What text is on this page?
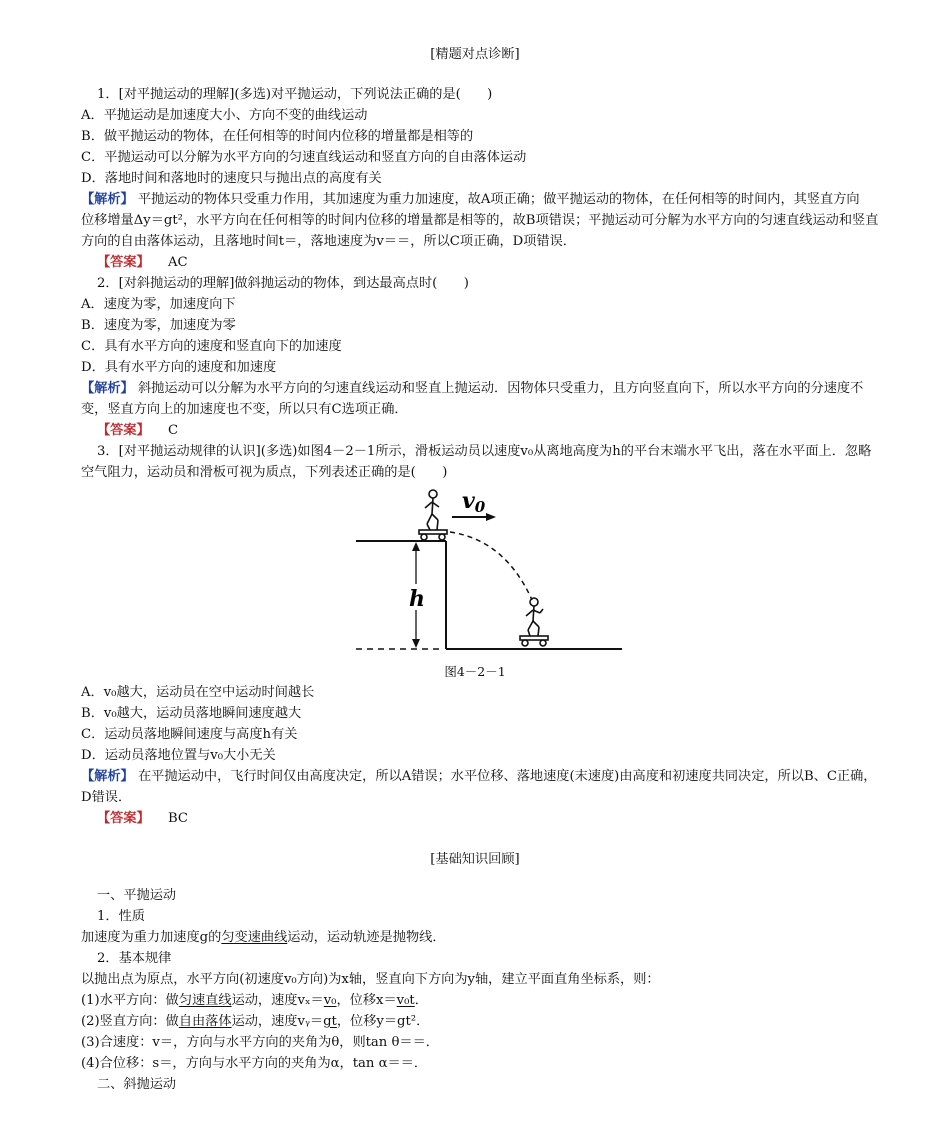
[精题对点诊断]
1．[对平抛运动的理解](多选)对平抛运动，下列说法正确的是(　　)
A．平抛运动是加速度大小、方向不变的曲线运动
B．做平抛运动的物体，在任何相等的时间内位移的增量都是相等的
C．平抛运动可以分解为水平方向的匀速直线运动和竖直方向的自由落体运动
D．落地时间和落地时的速度只与抛出点的高度有关
【解析】 平抛运动的物体只受重力作用，其加速度为重力加速度，故A项正确；做平抛运动的物体，在任何相等的时间内，其竖直方向
位移增量Δy＝gt²，水平方向在任何相等的时间内位移的增量都是相等的，故B项错误；平抛运动可分解为水平方向的匀速直线运动和竖直
方向的自由落体运动，且落地时间t＝，落地速度为v＝＝，所以C项正确，D项错误．
【答案】 AC
2．[对斜抛运动的理解]做斜抛运动的物体，到达最高点时(　　)
A．速度为零，加速度向下
B．速度为零，加速度为零
C．具有水平方向的速度和竖直向下的加速度
D．具有水平方向的速度和加速度
【解析】 斜抛运动可以分解为水平方向的匀速直线运动和竖直上抛运动．因物体只受重力，且方向竖直向下，所以水平方向的分速度不
变，竖直方向上的加速度也不变，所以只有C选项正确．
【答案】 C
3．[对平抛运动规律的认识](多选)如图4－2－1所示，滑板运动员以速度v₀从离地高度为h的平台末端水平飞出，落在水平面上．忽略
空气阻力，运动员和滑板可视为质点，下列表述正确的是(　　)
h
v0
图4－2－1
A．v₀越大，运动员在空中运动时间越长
B．v₀越大，运动员落地瞬间速度越大
C．运动员落地瞬间速度与高度h有关
D．运动员落地位置与v₀大小无关
【解析】 在平抛运动中，飞行时间仅由高度决定，所以A错误；水平位移、落地速度(末速度)由高度和初速度共同决定，所以B、C正确，
D错误．
【答案】 BC
[基础知识回顾]
一、平抛运动
1．性质
加速度为重力加速度g的匀变速曲线运动，运动轨迹是抛物线．
2．基本规律
以抛出点为原点，水平方向(初速度v₀方向)为x轴，竖直向下方向为y轴，建立平面直角坐标系，则：
(1)水平方向：做匀速直线运动，速度vₓ＝v₀，位移x＝v₀t．
(2)竖直方向：做自由落体运动，速度vᵧ＝gt，位移y＝gt²．
(3)合速度：v＝，方向与水平方向的夹角为θ，则tan θ＝＝．
(4)合位移：s＝，方向与水平方向的夹角为α，tan α＝＝．
二、斜抛运动
